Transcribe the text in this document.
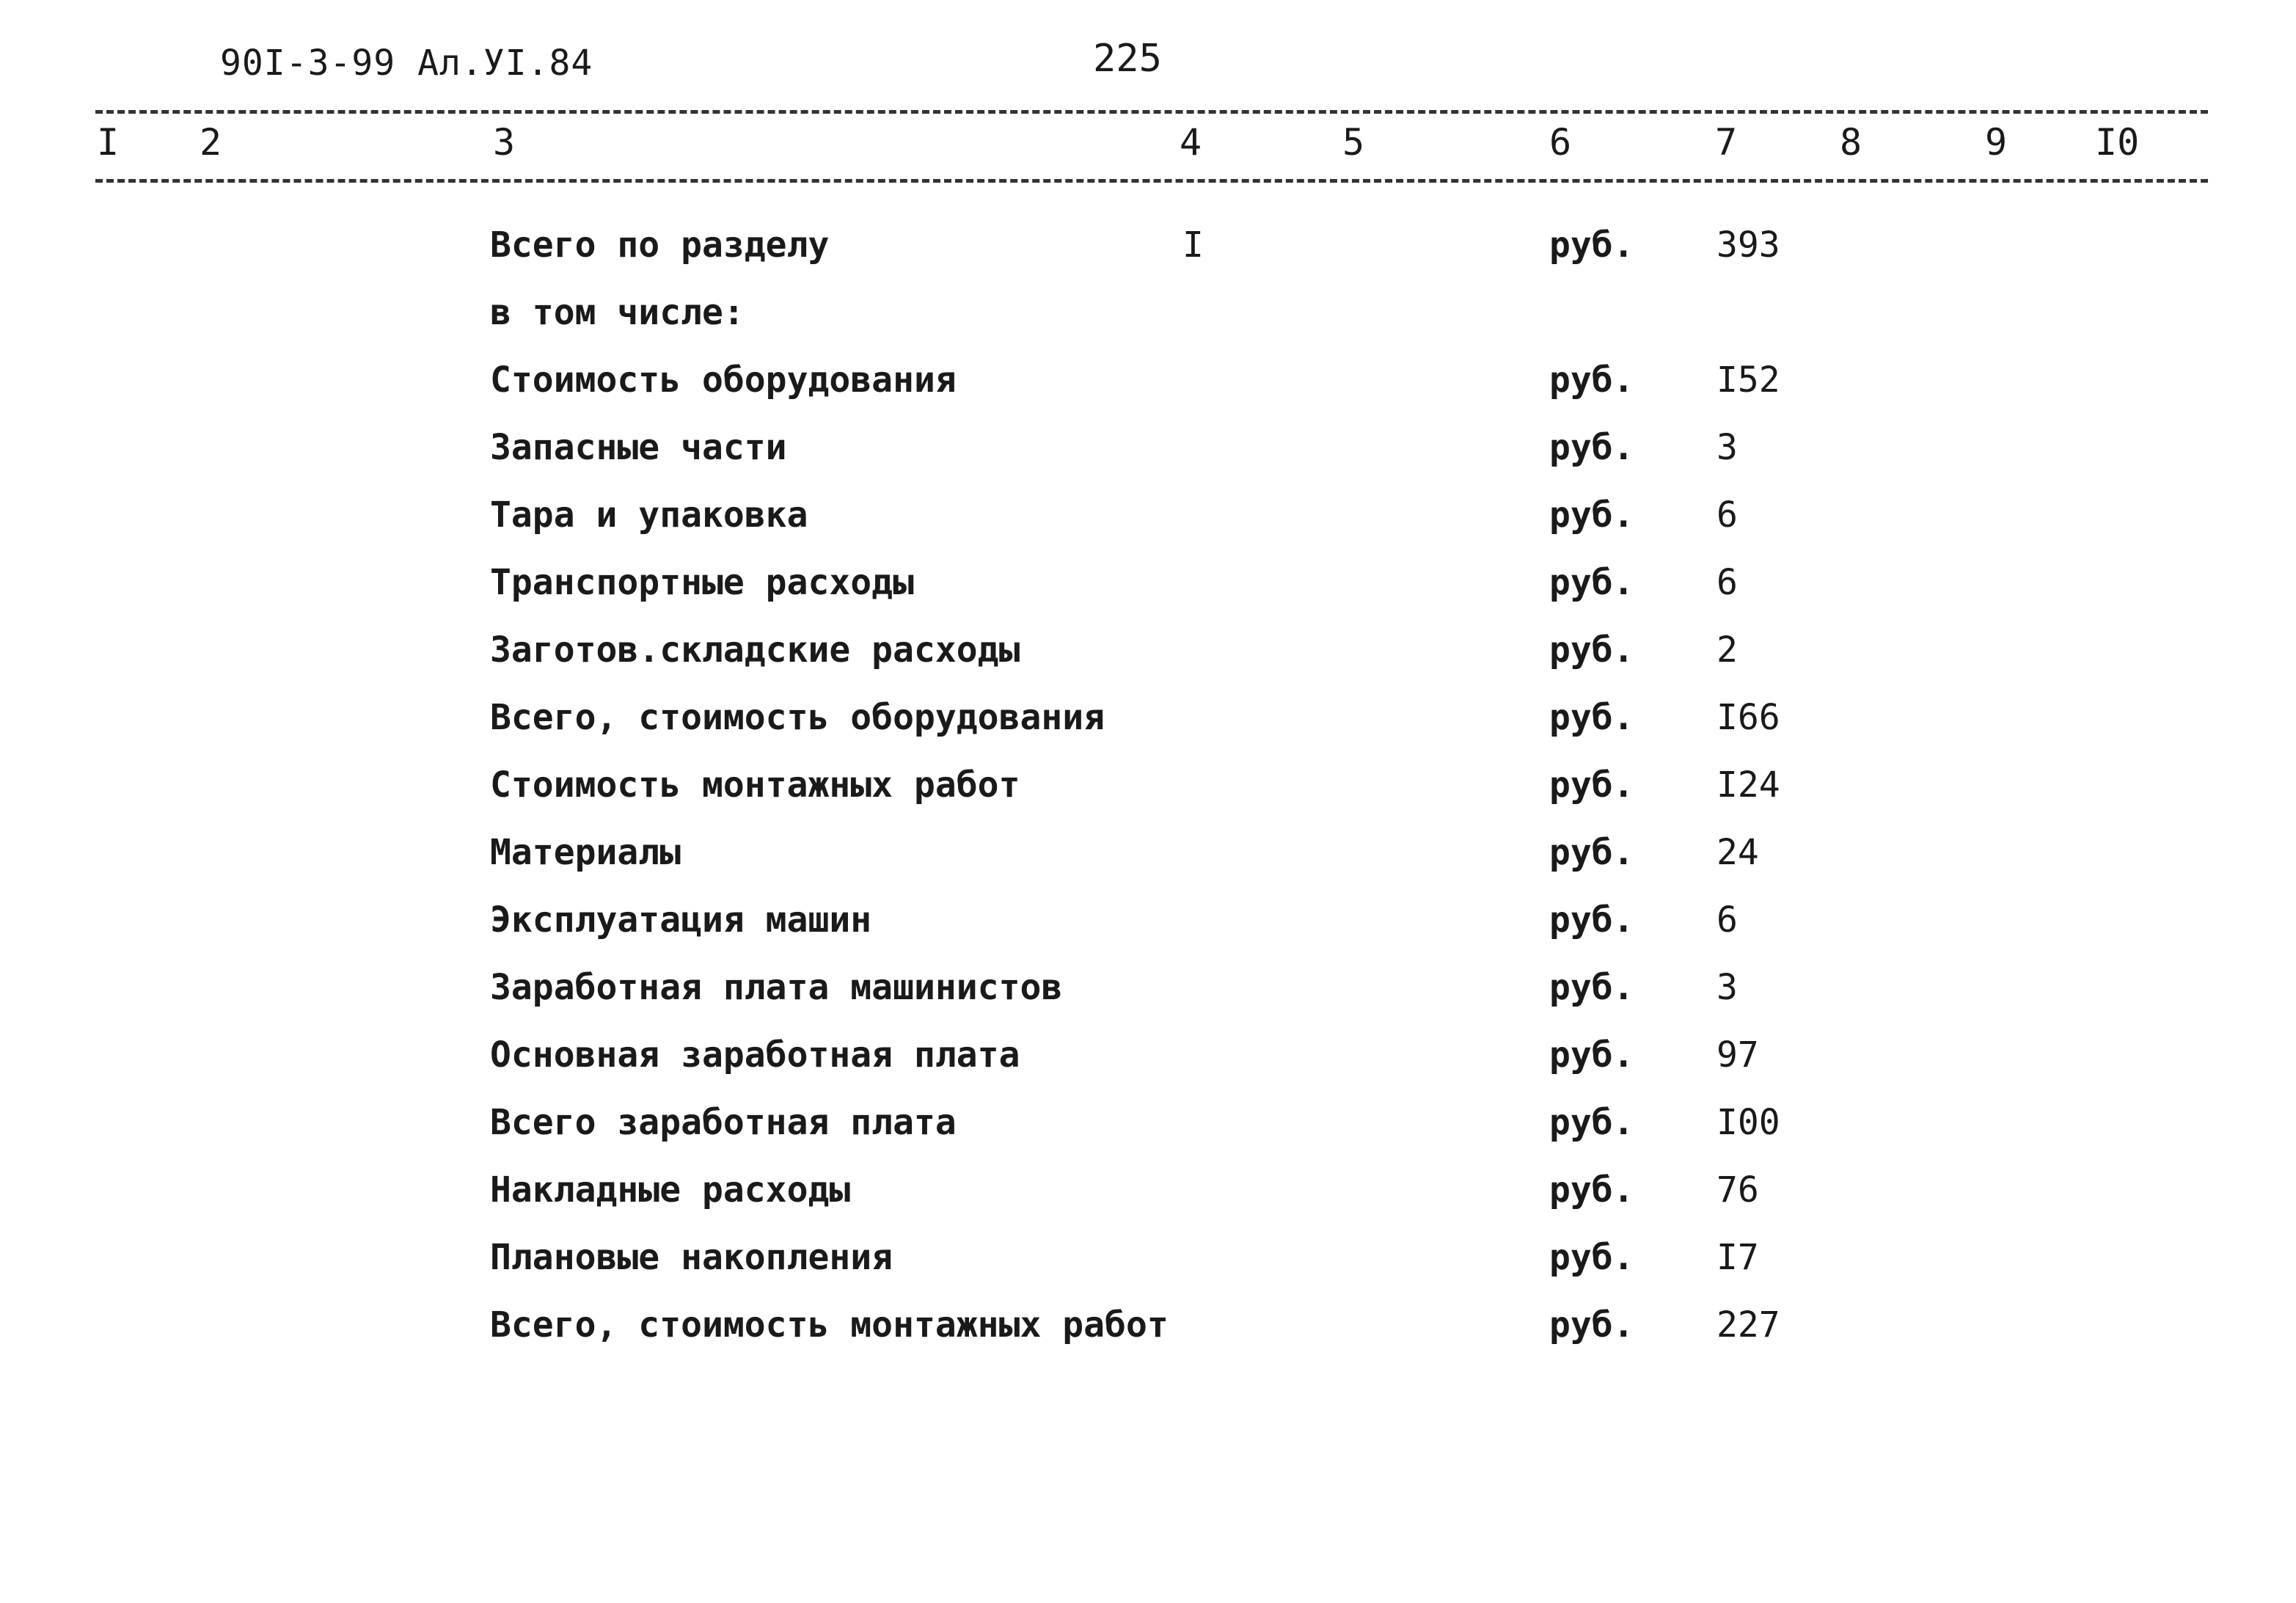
90I-3-99 Ал.УI.84	225
I 2	3	4	5	6	7	8	9 I0
Всего по разделу	I	руб. 393
в том числе:
Стоимость оборудования	руб. I52
Запасные части	руб. 3
Тара и упаковка	руб. 6
Транспортные расходы	руб. 6
Заготов.складские расходы	руб. 2
Всего, стоимость оборудования	руб. I66
Стоимость монтажных работ	руб. I24
Материалы	руб. 24
Эксплуатация машин	руб. 6
Заработная плата машинистов	руб. 3
Основная заработная плата	руб. 97
Всего заработная плата	руб. I00
Накладные расходы	руб. 76
Плановые накопления	руб. I7
Всего, стоимость монтажных работ	руб. 227
